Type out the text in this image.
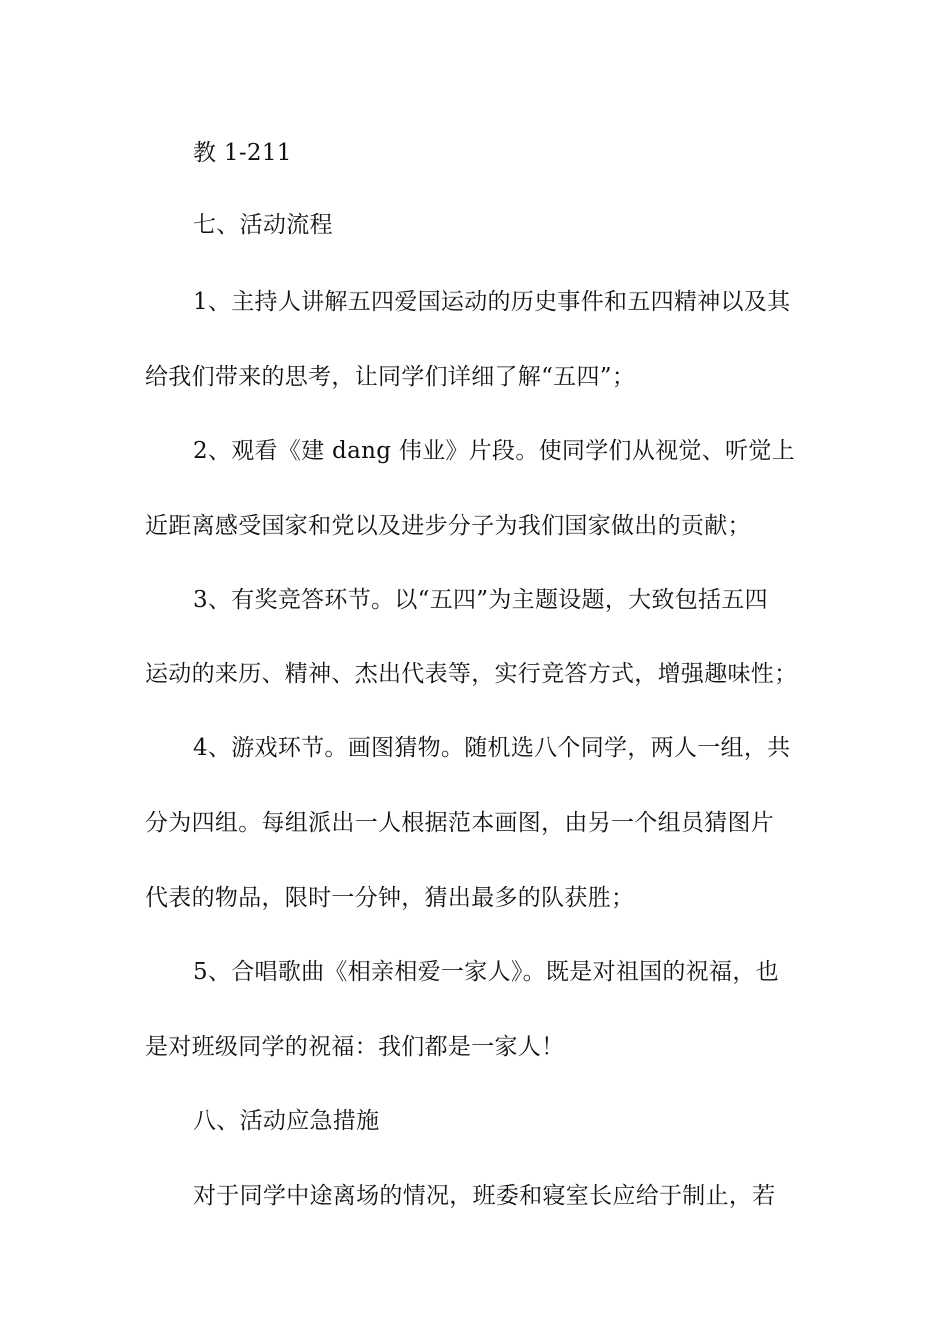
教 1-211
七、活动流程
1、主持人讲解五四爱国运动的历史事件和五四精神以及其
给我们带来的思考，让同学们详细了解“五四”；
2、观看《建 dang 伟业》片段。使同学们从视觉、听觉上
近距离感受国家和党以及进步分子为我们国家做出的贡献；
3、有奖竞答环节。以“五四”为主题设题，大致包括五四
运动的来历、精神、杰出代表等，实行竞答方式，增强趣味性；
4、游戏环节。画图猜物。随机选八个同学，两人一组，共
分为四组。每组派出一人根据范本画图，由另一个组员猜图片
代表的物品，限时一分钟，猜出最多的队获胜；
5、合唱歌曲《相亲相爱一家人》。既是对祖国的祝福，也
是对班级同学的祝福：我们都是一家人！
八、活动应急措施
对于同学中途离场的情况，班委和寝室长应给于制止，若
